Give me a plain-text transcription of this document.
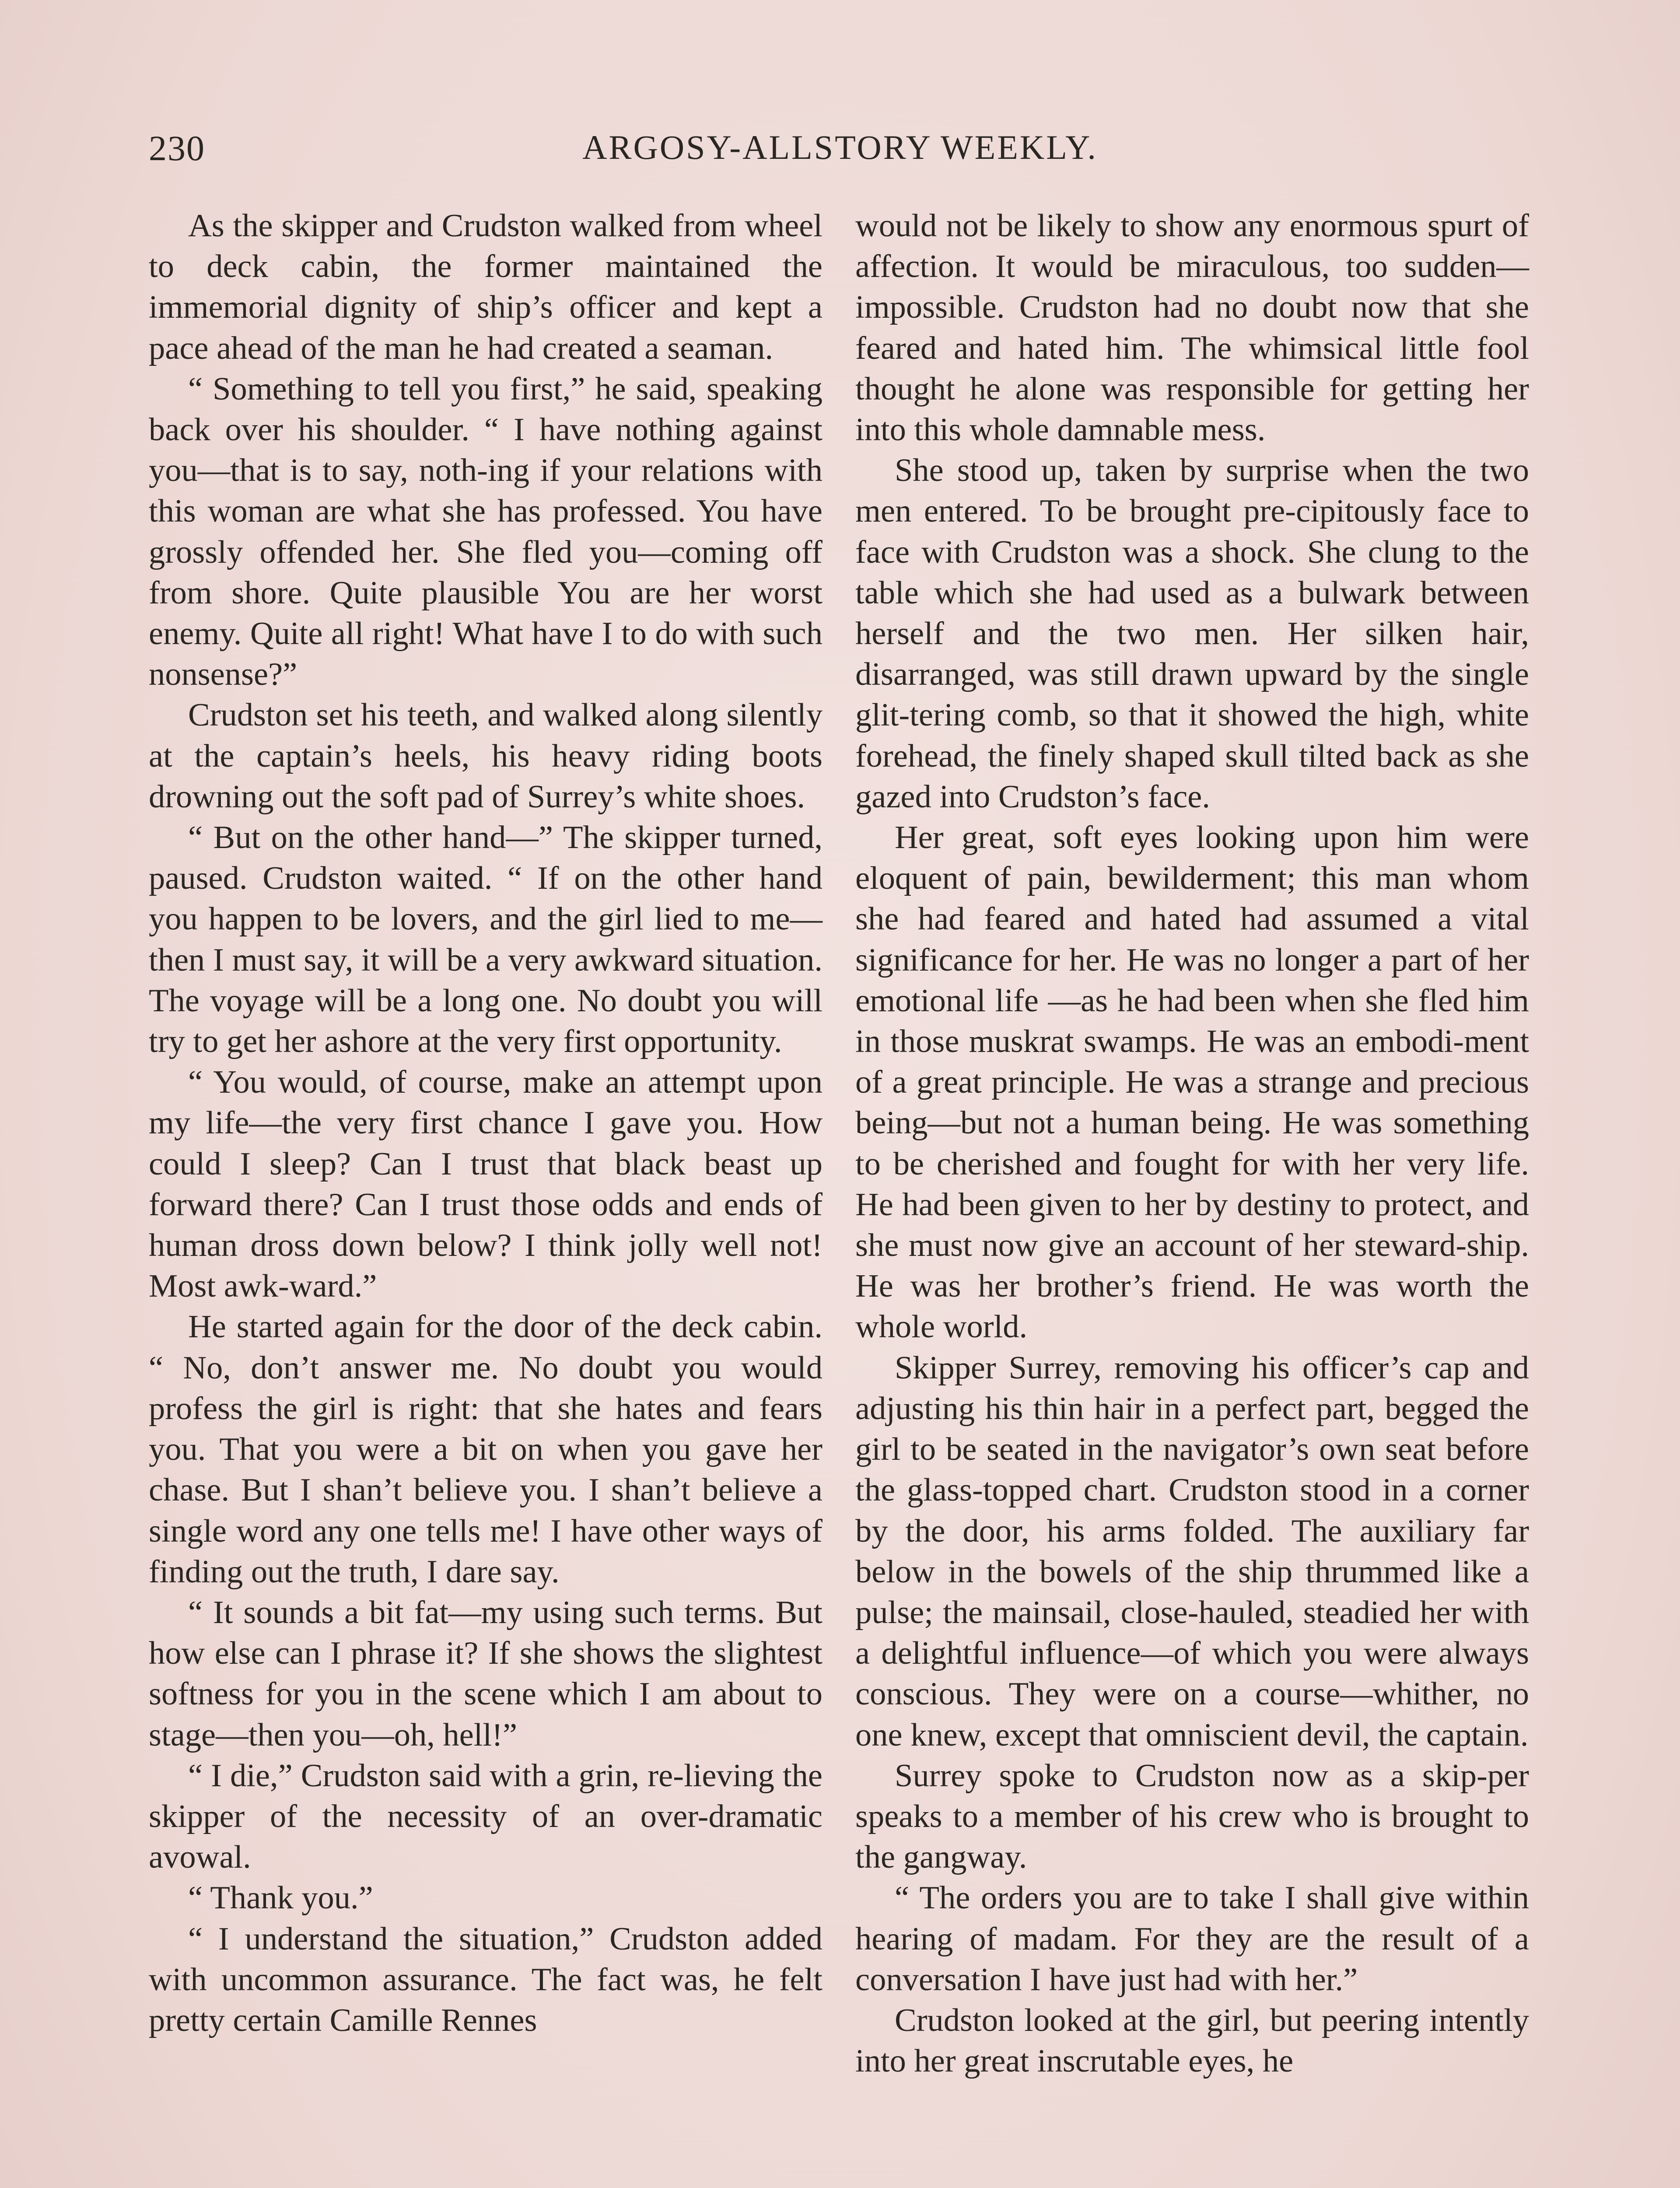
230	ARGOSY-ALLSTORY WEEKLY.

As the skipper and Crudston walked from wheel to deck cabin, the former maintained the immemorial dignity of ship’s officer and kept a pace ahead of the man he had created a seaman.

“ Something to tell you first,” he said, speaking back over his shoulder. “ I have nothing against you—that is to say, noth-ing if your relations with this woman are what she has professed. You have grossly offended her. She fled you—coming off from shore. Quite plausible You are her worst enemy. Quite all right! What have I to do with such nonsense?”

Crudston set his teeth, and walked along silently at the captain’s heels, his heavy riding boots drowning out the soft pad of Surrey’s white shoes.

“ But on the other hand—” The skipper turned, paused. Crudston waited. “ If on the other hand you happen to be lovers, and the girl lied to me—then I must say, it will be a very awkward situation. The voyage will be a long one. No doubt you will try to get her ashore at the very first opportunity.

“ You would, of course, make an attempt upon my life—the very first chance I gave you. How could I sleep? Can I trust that black beast up forward there? Can I trust those odds and ends of human dross down below? I think jolly well not! Most awk-ward.”

He started again for the door of the deck cabin. “ No, don’t answer me. No doubt you would profess the girl is right: that she hates and fears you. That you were a bit on when you gave her chase. But I shan’t believe you. I shan’t believe a single word any one tells me! I have other ways of finding out the truth, I dare say.

“ It sounds a bit fat—my using such terms. But how else can I phrase it? If she shows the slightest softness for you in the scene which I am about to stage—then you—oh, hell!”

“ I die,” Crudston said with a grin, re-lieving the skipper of the necessity of an over-dramatic avowal.

“ Thank you.”

“ I understand the situation,” Crudston added with uncommon assurance. The fact was, he felt pretty certain Camille Rennes

would not be likely to show any enormous spurt of affection. It would be miraculous, too sudden—impossible. Crudston had no doubt now that she feared and hated him. The whimsical little fool thought he alone was responsible for getting her into this whole damnable mess.

She stood up, taken by surprise when the two men entered. To be brought pre-cipitously face to face with Crudston was a shock. She clung to the table which she had used as a bulwark between herself and the two men. Her silken hair, disarranged, was still drawn upward by the single glit-tering comb, so that it showed the high, white forehead, the finely shaped skull tilted back as she gazed into Crudston’s face.

Her great, soft eyes looking upon him were eloquent of pain, bewilderment; this man whom she had feared and hated had assumed a vital significance for her. He was no longer a part of her emotional life —as he had been when she fled him in those muskrat swamps. He was an embodi-ment of a great principle. He was a strange and precious being—but not a human being. He was something to be cherished and fought for with her very life. He had been given to her by destiny to protect, and she must now give an account of her steward-ship. He was her brother’s friend. He was worth the whole world.

Skipper Surrey, removing his officer’s cap and adjusting his thin hair in a perfect part, begged the girl to be seated in the navigator’s own seat before the glass-topped chart. Crudston stood in a corner by the door, his arms folded. The auxiliary far below in the bowels of the ship thrummed like a pulse; the mainsail, close-hauled, steadied her with a delightful influence—of which you were always conscious. They were on a course—whither, no one knew, except that omniscient devil, the captain.

Surrey spoke to Crudston now as a skip-per speaks to a member of his crew who is brought to the gangway.

“ The orders you are to take I shall give within hearing of madam. For they are the result of a conversation I have just had with her.”

Crudston looked at the girl, but peering intently into her great inscrutable eyes, he
